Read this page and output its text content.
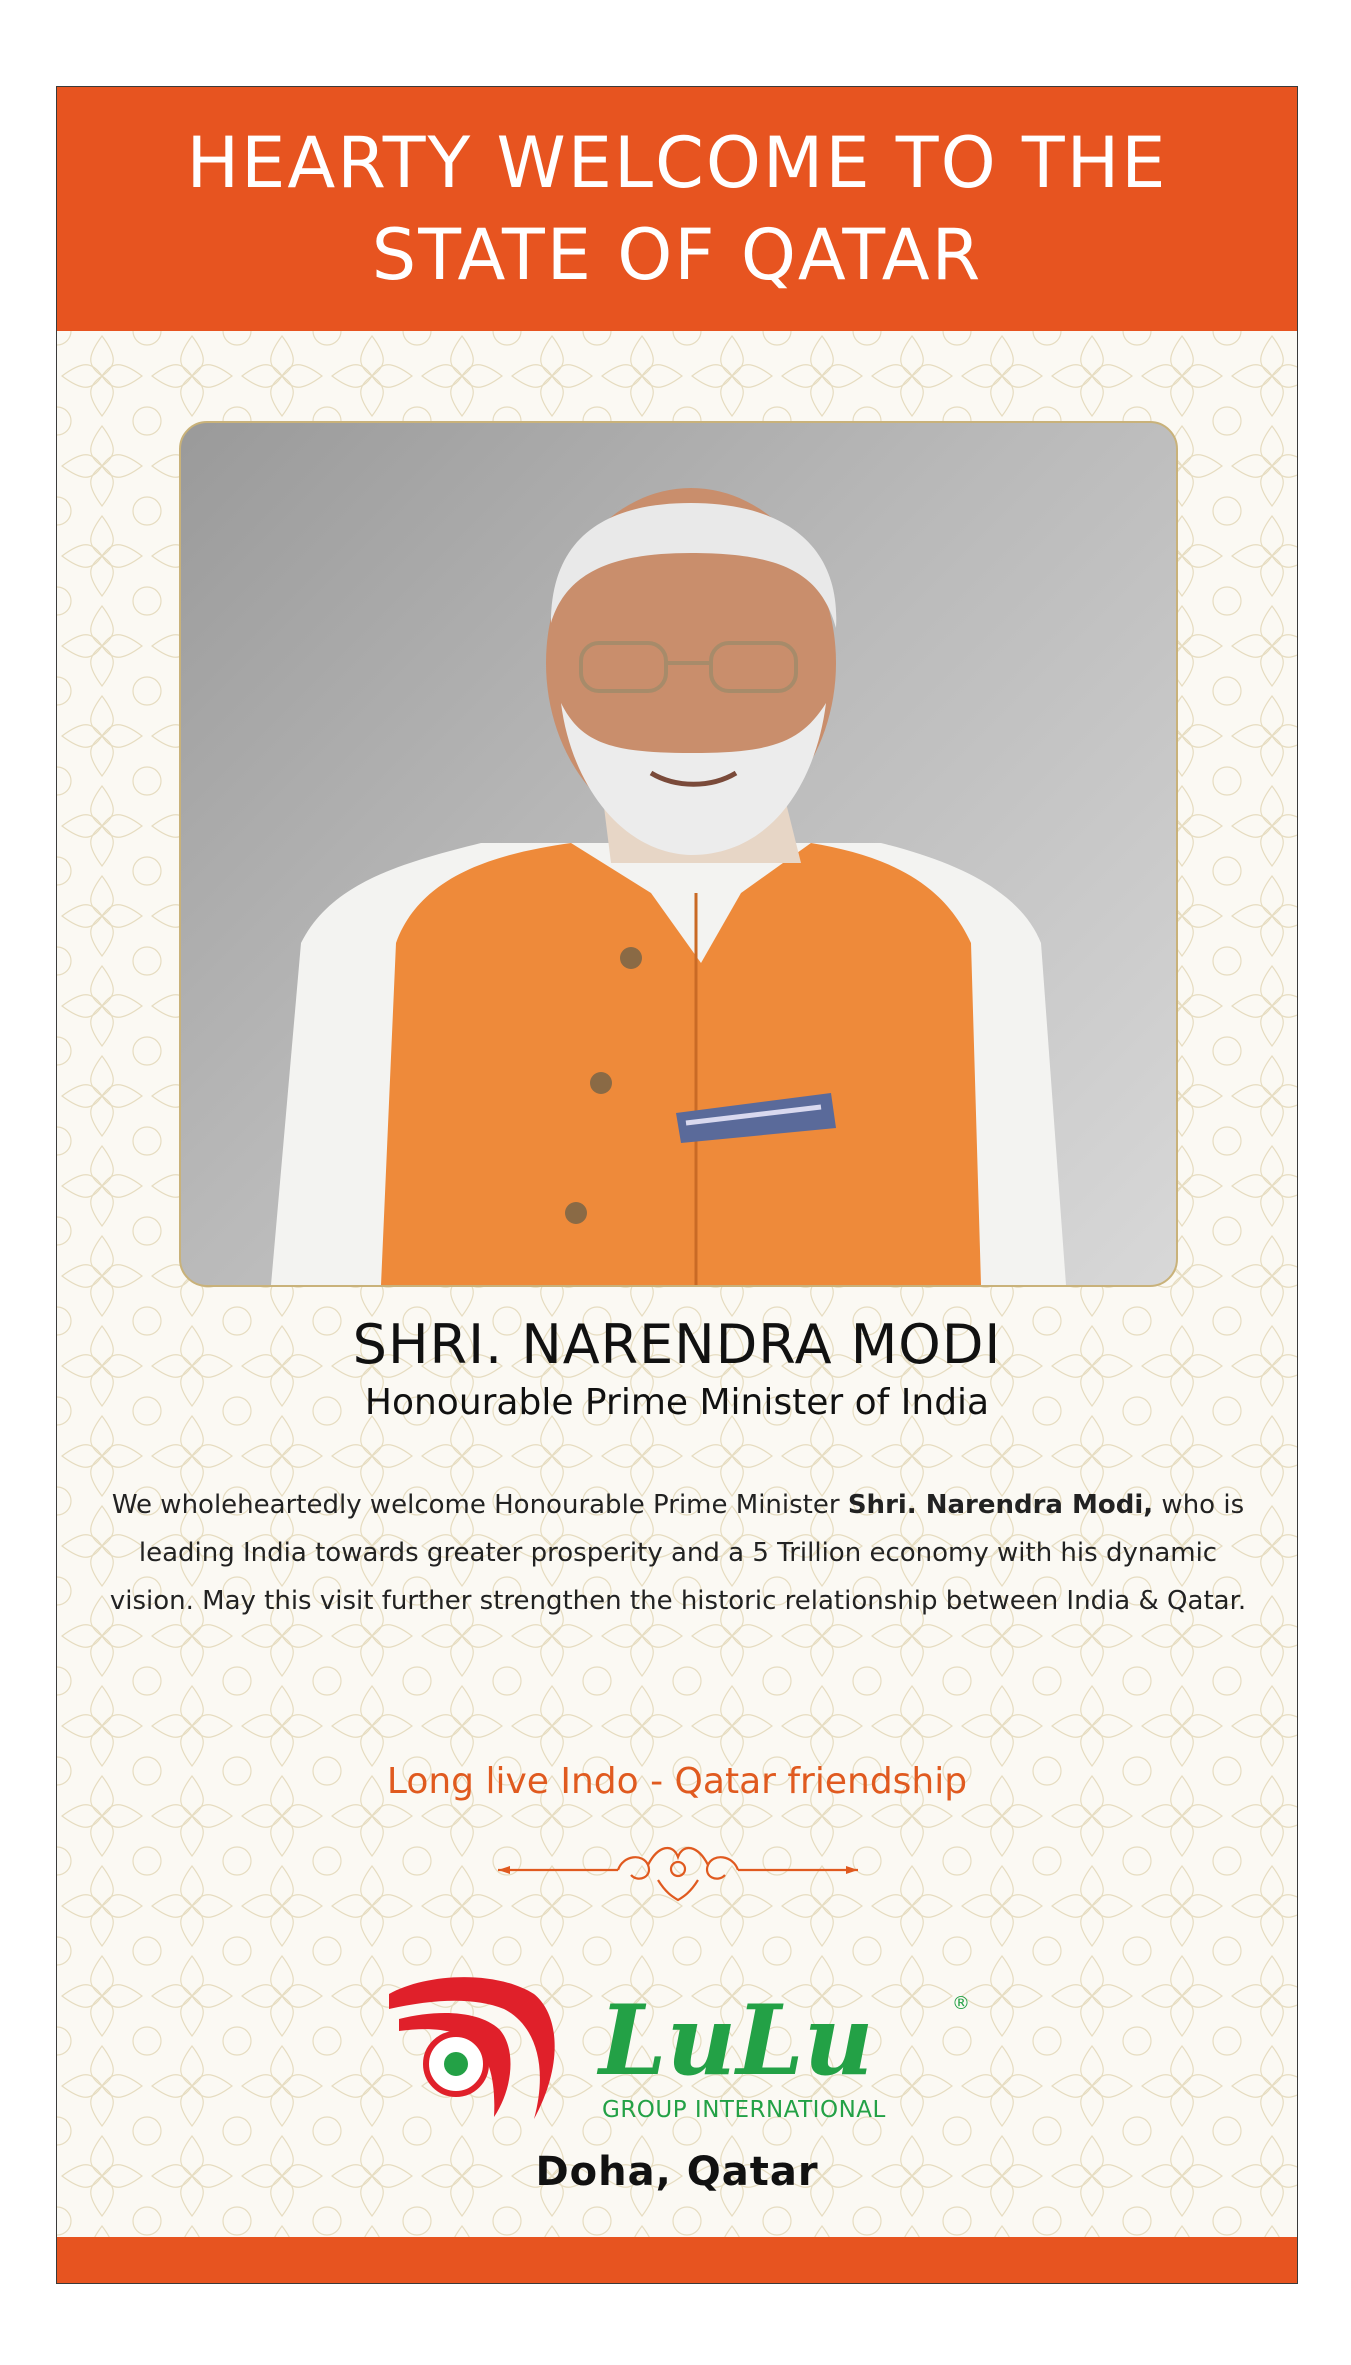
HEARTY WELCOME TO THE STATE OF QATAR
SHRI. NARENDRA MODI

Honourable Prime Minister of India

We wholeheartedly welcome Honourable Prime Minister Shri. Narendra Modi, who is leading India towards greater prosperity and a 5 Trillion economy with his dynamic vision. May this visit further strengthen the historic relationship between India & Qatar.

Long live Indo - Qatar friendship

LuLu	®

GROUP INTERNATIONAL

Doha, Qatar
